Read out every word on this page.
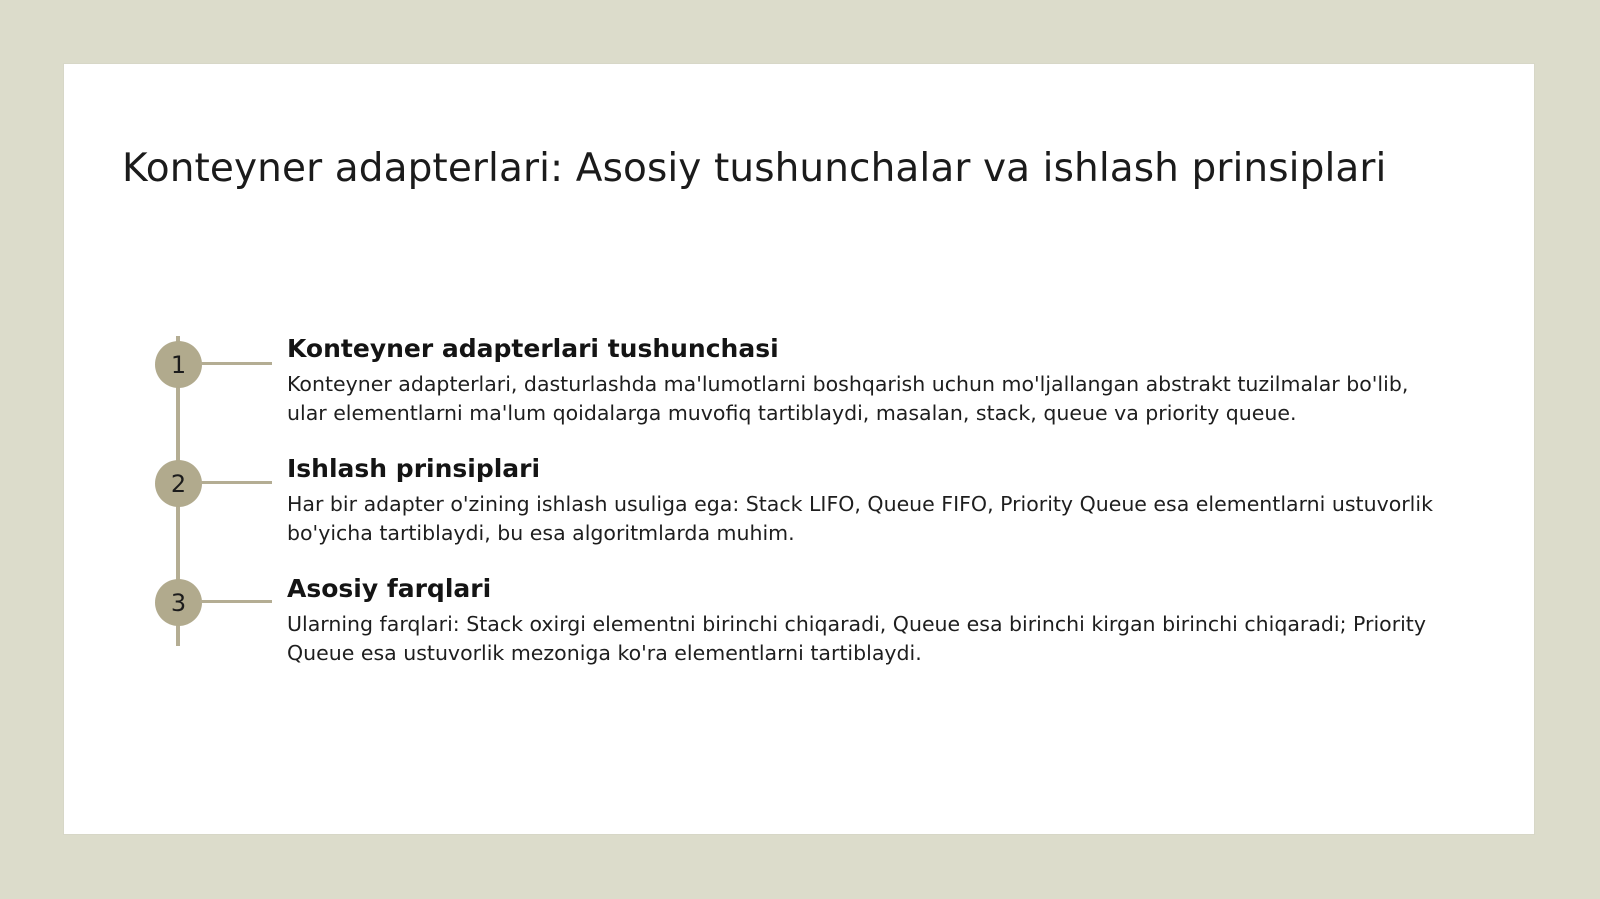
Konteyner adapterlari: Asosiy tushunchalar va ishlash prinsiplari
1
Konteyner adapterlari tushunchasi

Konteyner adapterlari, dasturlashda ma'lumotlarni boshqarish uchun mo'ljallangan abstrakt tuzilmalar bo'lib, ular elementlarni ma'lum qoidalarga muvofiq tartiblaydi, masalan, stack, queue va priority queue.

2
Ishlash prinsiplari

Har bir adapter o'zining ishlash usuliga ega: Stack LIFO, Queue FIFO, Priority Queue esa elementlarni ustuvorlik bo'yicha tartiblaydi, bu esa algoritmlarda muhim.

3	Asosiy farqlari

Ularning farqlari: Stack oxirgi elementni birinchi chiqaradi, Queue esa birinchi kirgan birinchi chiqaradi; Priority Queue esa ustuvorlik mezoniga ko'ra elementlarni tartiblaydi.
